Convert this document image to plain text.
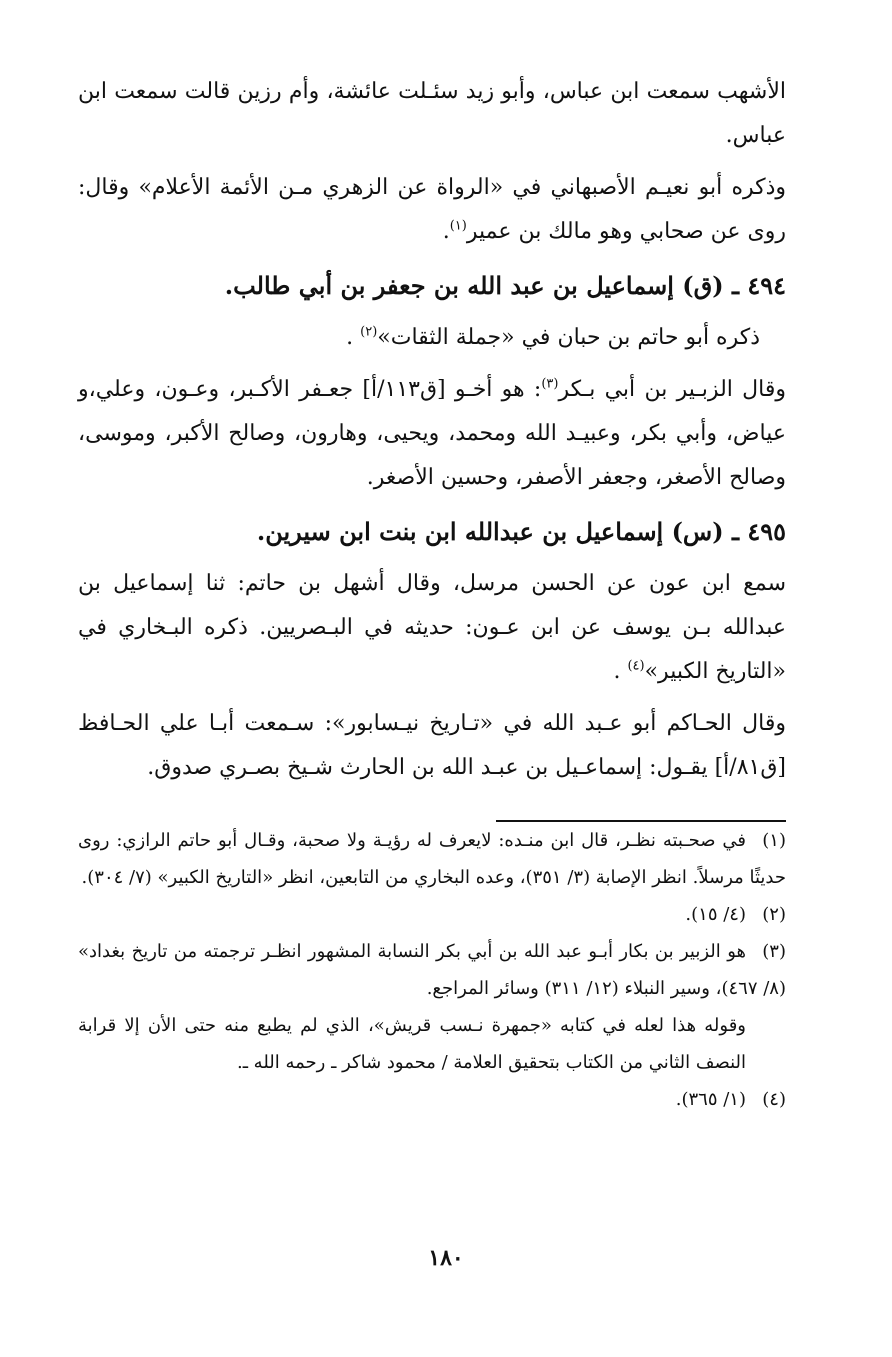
الأشهب سمعت ابن عباس، وأبو زيد سئـلت عائشة، وأم رزين قالت سمعت ابن عباس.

وذكره أبو نعيـم الأصبهاني في «الرواة عن الزهري مـن الأئمة الأعلام» وقال: روى عن صحابي وهو مالك بن عمير$^{(١)}$.

٤٩٤ ـ (ق) إسماعيل بن عبد الله بن جعفر بن أبي طالب.

ذكره أبو حاتم بن حبان في «جملة الثقات»$^{(٢)}$ .

وقال الزبـير بن أبي بـكر$^{(٣)}$: هو أخـو [ق١١٣/أ] جعـفر الأكـبر، وعـون، وعلي،و عياض، وأبي بكر، وعبيـد الله ومحمد، ويحيى، وهارون، وصالح الأكبر، وموسى، وصالح الأصغر، وجعفر الأصفر، وحسين الأصغر.

٤٩٥ ـ (س) إسماعيل بن عبدالله ابن بنت ابن سيرين.

سمع ابن عون عن الحسن مرسل، وقال أشهل بن حاتم: ثنا إسماعيل بن عبدالله بـن يوسف عن ابن عـون: حديثه في البـصريين. ذكره البـخاري في «التاريخ الكبير»$^{(٤)}$ .

وقال الحـاكم أبو عـبد الله في «تـاريخ نيـسابور»: سـمعت أبـا علي الحـافظ [ق٨١/أ] يقـول: إسماعـيل بن عبـد الله بن الحارث شـيخ بصـري صدوق.

(١)في صحـبته نظـر، قال ابن منـده: لايعرف له رؤيـة ولا صحبة، وقـال أبو حاتم الرازي: روى حديثًا مرسلاً. انظر الإصابة (٣/ ٣٥١)، وعده البخاري من التابعين، انظر «التاريخ الكبير» (٧/ ٣٠٤).

(٢)(٤/ ١٥).

(٣)هو الزبير بن بكار أبـو عبد الله بن أبي بكر النسابة المشهور انظـر ترجمته من تاريخ بغداد» (٨/ ٤٦٧)، وسير النبلاء (١٢/ ٣١١) وسائر المراجع.

وقوله هذا لعله في كتابه «جمهرة نـسب قريش»، الذي لم يطبع منه حتى الأن إلا قرابة النصف الثاني من الكتاب بتحقيق العلامة / محمود شاكر ـ رحمه الله ـ.

(٤)(١/ ٣٦٥).

١٨٠
